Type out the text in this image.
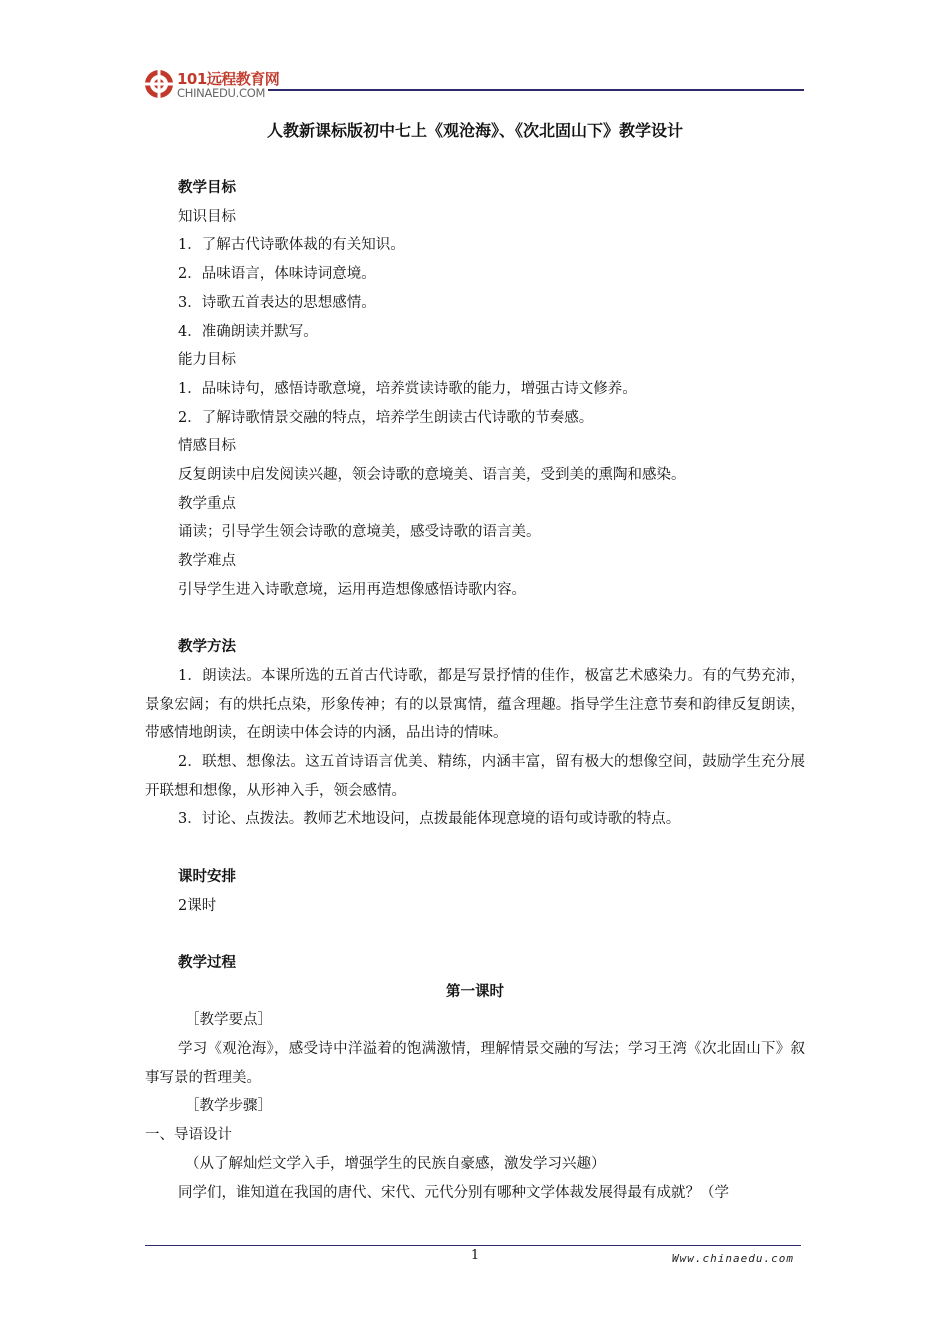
101远程教育网
CHINAEDU.COM
人教新课标版初中七上《观沧海》、《次北固山下》教学设计

教学目标

知识目标

1．了解古代诗歌体裁的有关知识。

2．品味语言，体味诗词意境。

3．诗歌五首表达的思想感情。

4．准确朗读并默写。

能力目标

1．品味诗句，感悟诗歌意境，培养赏读诗歌的能力，增强古诗文修养。

2．了解诗歌情景交融的特点，培养学生朗读古代诗歌的节奏感。

情感目标

反复朗读中启发阅读兴趣，领会诗歌的意境美、语言美，受到美的熏陶和感染。

教学重点

诵读；引导学生领会诗歌的意境美，感受诗歌的语言美。

教学难点

引导学生进入诗歌意境，运用再造想像感悟诗歌内容。

教学方法

1．朗读法。本课所选的五首古代诗歌，都是写景抒情的佳作，极富艺术感染力。有的气势充沛，景象宏阔；有的烘托点染，形象传神；有的以景寓情，蕴含理趣。指导学生注意节奏和韵律反复朗读，带感情地朗读，在朗读中体会诗的内涵，品出诗的情味。

2．联想、想像法。这五首诗语言优美、精练，内涵丰富，留有极大的想像空间，鼓励学生充分展开联想和想像，从形神入手，领会感情。

3．讨论、点拨法。教师艺术地设问，点拨最能体现意境的语句或诗歌的特点。

课时安排

2课时

教学过程

第一课时

［教学要点］

学习《观沧海》，感受诗中洋溢着的饱满激情，理解情景交融的写法；学习王湾《次北固山下》叙事写景的哲理美。

［教学步骤］

一、导语设计

（从了解灿烂文学入手，增强学生的民族自豪感，激发学习兴趣）

同学们，谁知道在我国的唐代、宋代、元代分别有哪种文学体裁发展得最有成就？（学

1	Www.chinaedu.com
